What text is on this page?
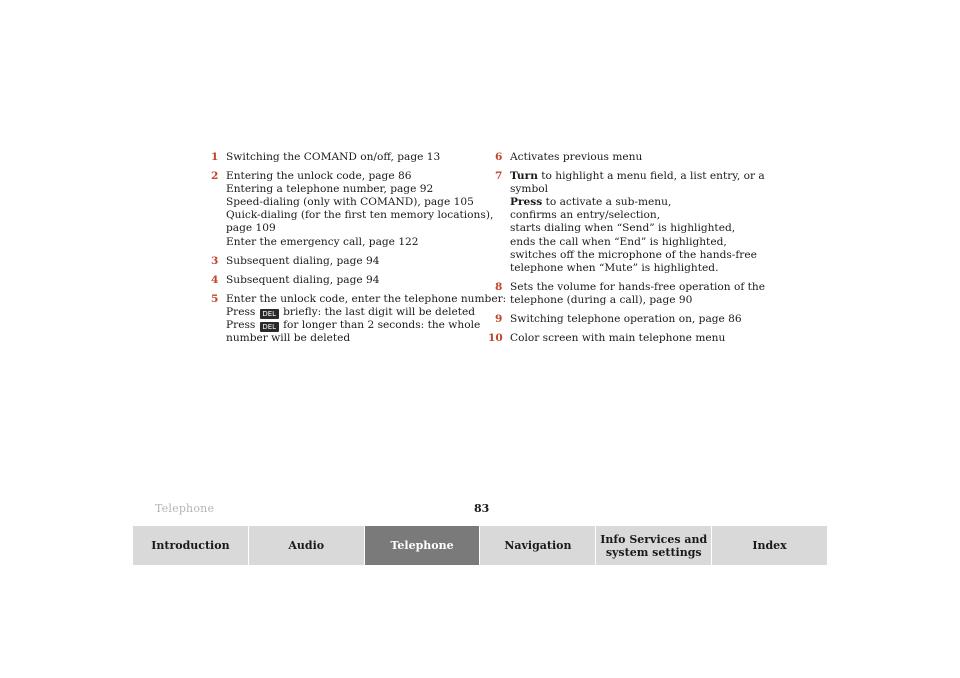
1 Switching the COMAND on/off, page 13
2 Entering the unlock code, page 86
Entering a telephone number, page 92
Speed-dialing (only with COMAND), page 105
Quick-dialing (for the first ten memory locations),
page 109
Enter the emergency call, page 122
3 Subsequent dialing, page 94
4 Subsequent dialing, page 94
5 Enter the unlock code, enter the telephone number:
Press DEL briefly: the last digit will be deleted
Press DEL for longer than 2 seconds: the whole
number will be deleted
6 Activates previous menu
7 Turn to highlight a menu field, a list entry, or a
symbol
Press to activate a sub-menu,
confirms an entry/selection,
starts dialing when “Send” is highlighted,
ends the call when “End” is highlighted,
switches off the microphone of the hands-free
telephone when “Mute” is highlighted.
8 Sets the volume for hands-free operation of the
telephone (during a call), page 90
9 Switching telephone operation on, page 86
10 Color screen with main telephone menu
Telephone	83
Introduction	Audio	Telephone	Navigation	Info Services and
system settings	Index
